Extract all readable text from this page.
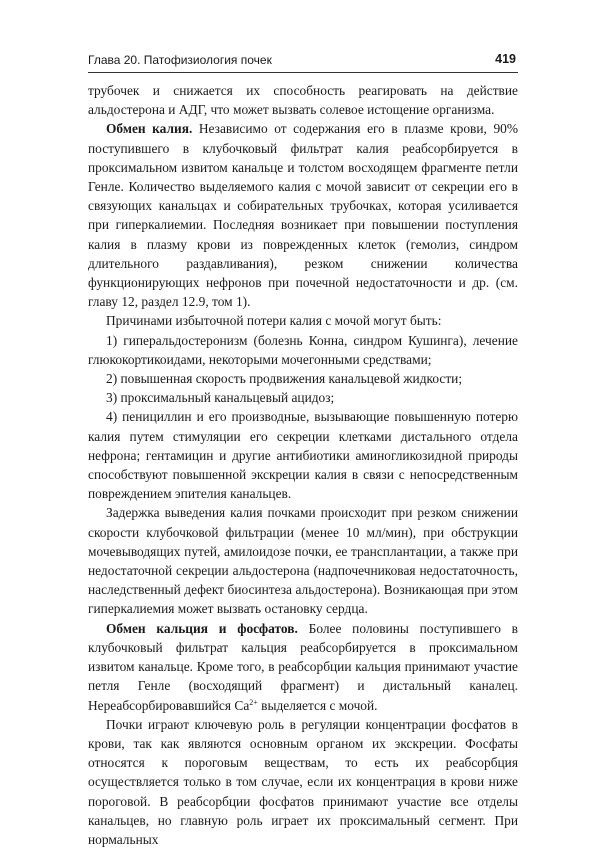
Глава 20. Патофизиология почек	419

трубочек и снижается их способность реагировать на действие альдостерона и АДГ, что может вызвать солевое истощение организма.

Обмен калия. Независимо от содержания его в плазме крови, 90% поступившего в клубочковый фильтрат калия реабсорбируется в проксимальном извитом канальце и толстом восходящем фрагменте петли Генле. Количество выделяемого калия с мочой зависит от секреции его в связующих канальцах и собирательных трубочках, которая усиливается при гиперкалиемии. Последняя возникает при повышении поступления калия в плазму крови из поврежденных клеток (гемолиз, синдром длительного раздавливания), резком снижении количества функционирующих нефронов при почечной недостаточности и др. (см. главу 12, раздел 12.9, том 1).

Причинами избыточной потери калия с мочой могут быть:

1) гиперальдостеронизм (болезнь Конна, синдром Кушинга), лечение глюкокортикоидами, некоторыми мочегонными средствами;

2) повышенная скорость продвижения канальцевой жидкости;

3) проксимальный канальцевый ацидоз;

4) пенициллин и его производные, вызывающие повышенную потерю калия путем стимуляции его секреции клетками дистального отдела нефрона; гентамицин и другие антибиотики аминогликозидной природы способствуют повышенной экскреции калия в связи с непосредственным повреждением эпителия канальцев.

Задержка выведения калия почками происходит при резком снижении скорости клубочковой фильтрации (менее 10 мл/мин), при обструкции мочевыводящих путей, амилоидозе почки, ее трансплантации, а также при недостаточной секреции альдостерона (надпочечниковая недостаточность, наследственный дефект биосинтеза альдостерона). Возникающая при этом гиперкалиемия может вызвать остановку сердца.

Обмен кальция и фосфатов. Более половины поступившего в клубочковый фильтрат кальция реабсорбируется в проксимальном извитом канальце. Кроме того, в реабсорбции кальция принимают участие петля Генле (восходящий фрагмент) и дистальный каналец. Нереабсорбировавшийся $Ca^{2+}$ выделяется с мочой.

Почки играют ключевую роль в регуляции концентрации фосфатов в крови, так как являются основным органом их экскреции. Фосфаты относятся к пороговым веществам, то есть их реабсорбция осуществляется только в том случае, если их концентрация в крови ниже пороговой. В реабсорбции фосфатов принимают участие все отделы канальцев, но главную роль играет их проксимальный сегмент. При нормальных
